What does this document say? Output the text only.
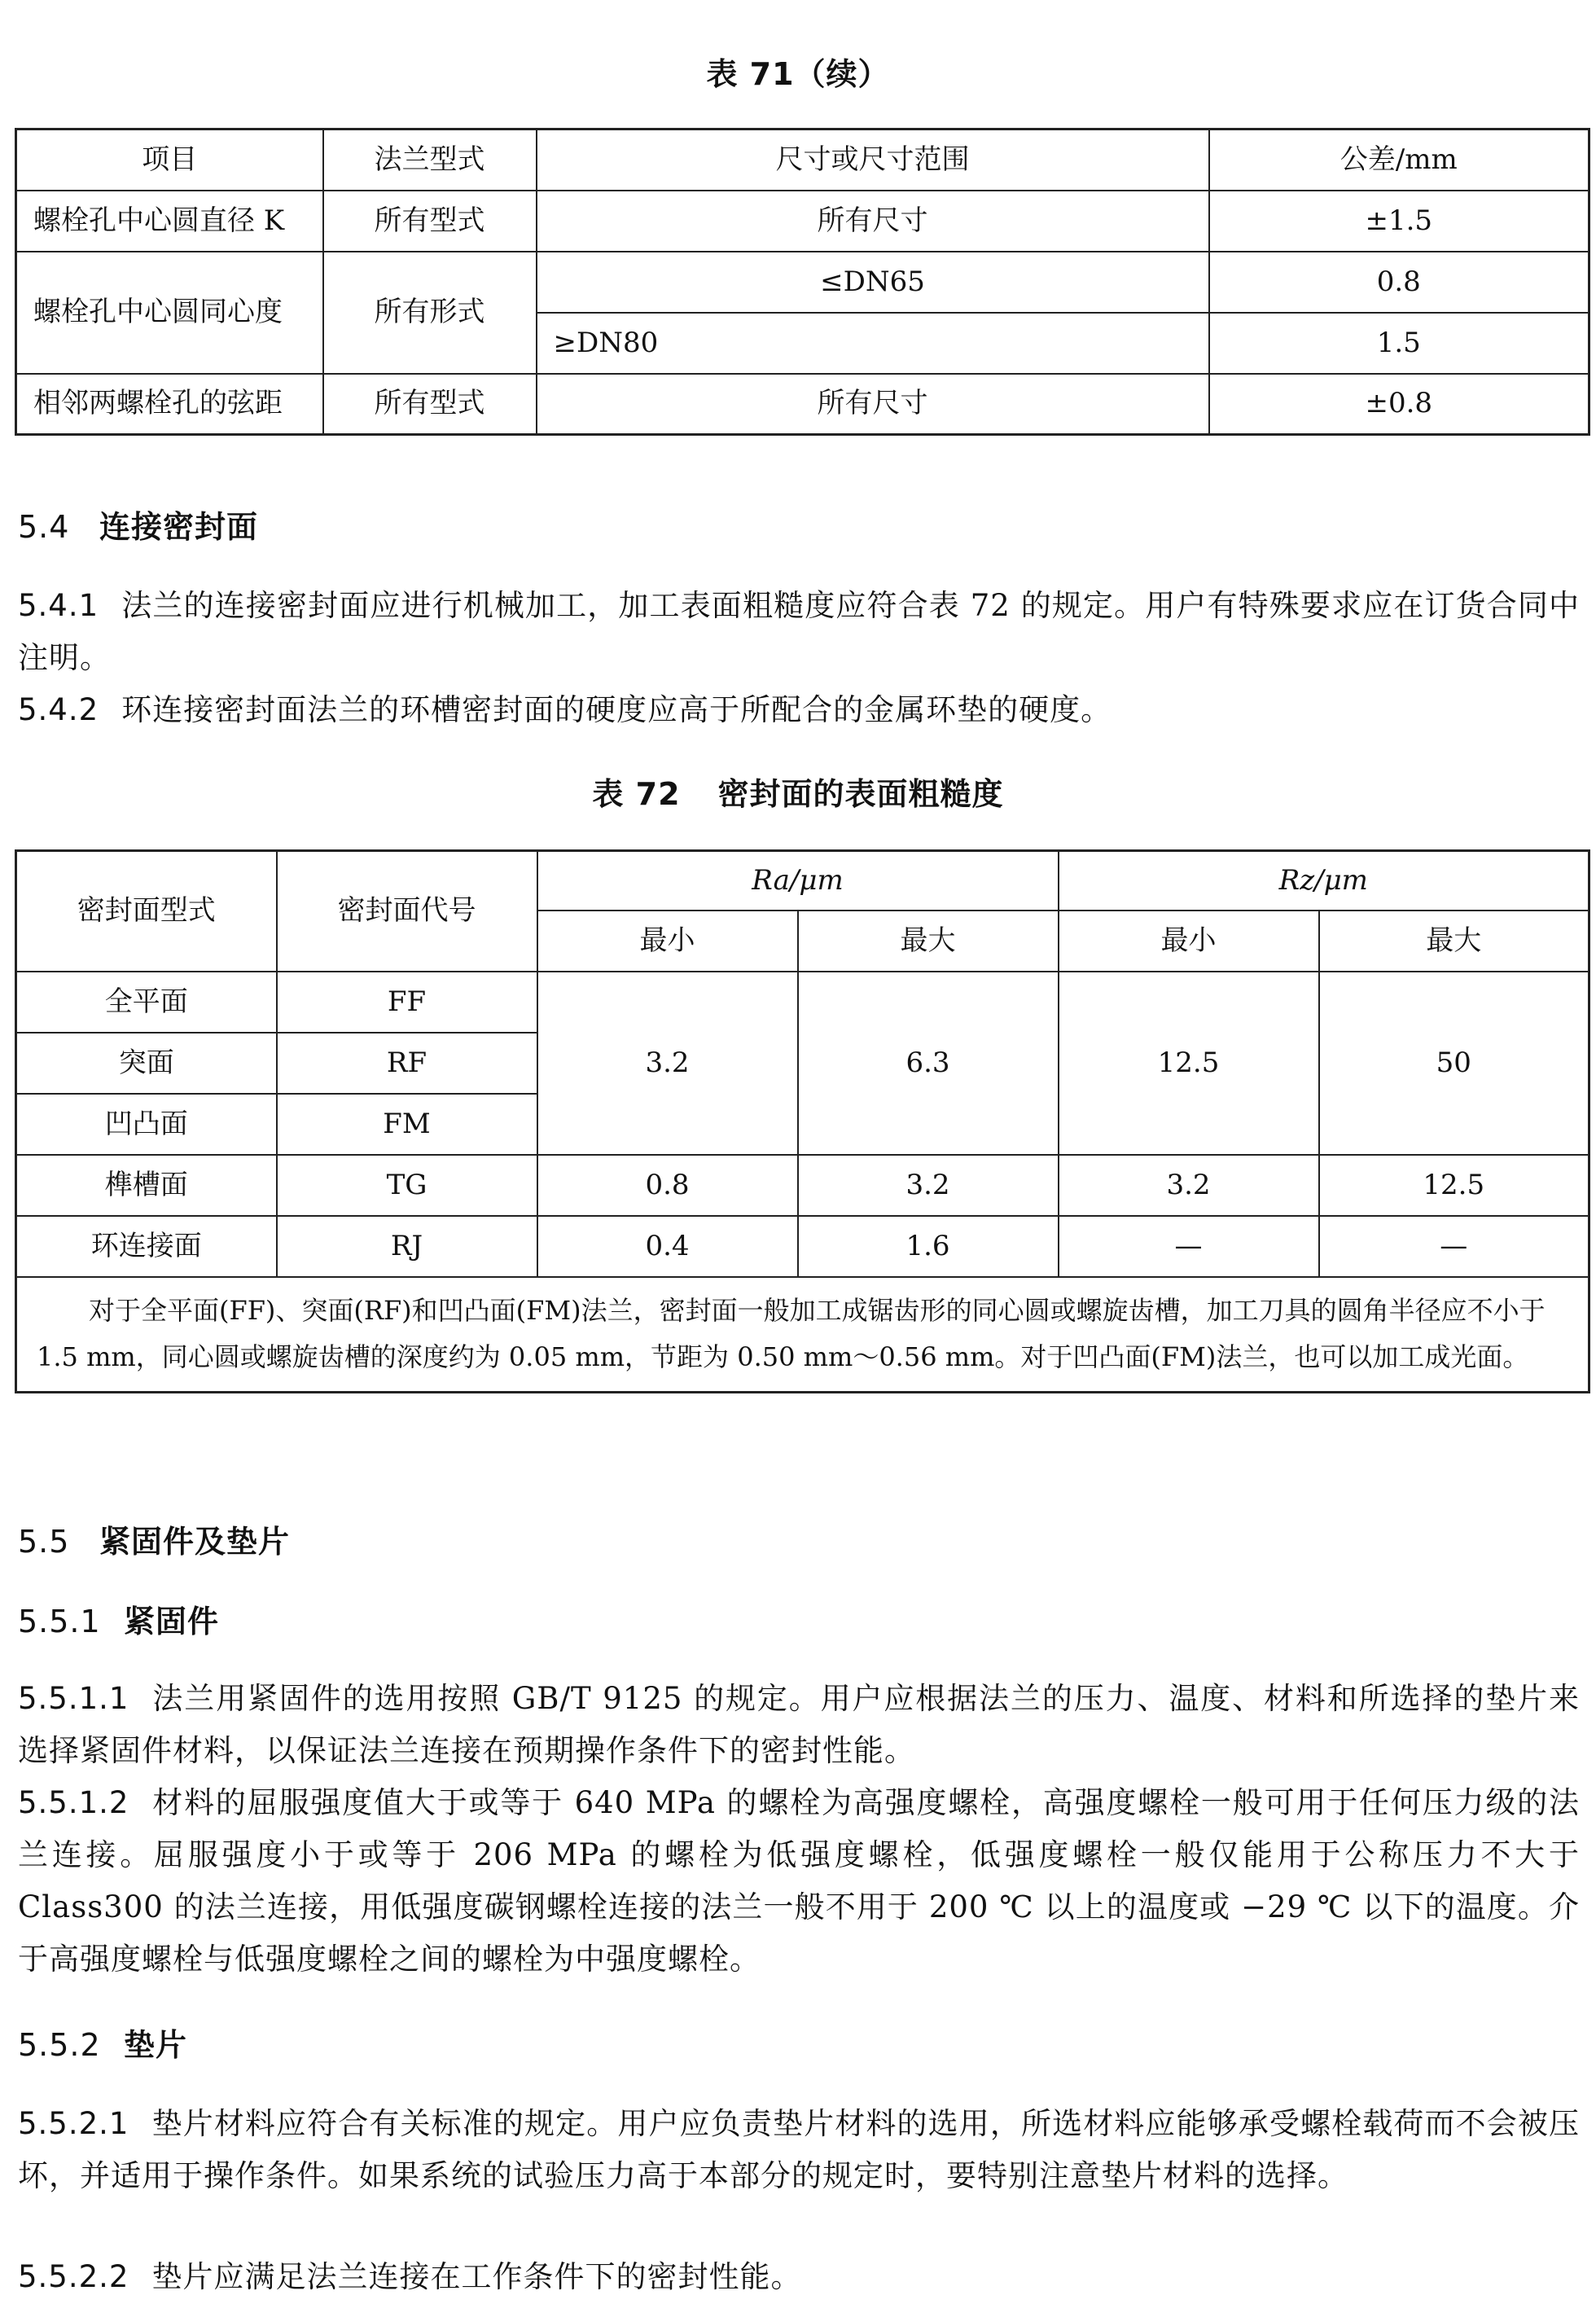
表 71（续）
项目	法兰型式	尺寸或尺寸范围	公差/mm
螺栓孔中心圆直径 K	所有型式	所有尺寸	±1.5
螺栓孔中心圆同心度	所有形式	≤DN65	0.8
		≥DN80	1.5
相邻两螺栓孔的弦距	所有型式	所有尺寸	±0.8
5.4 连接密封面
5.4.1 法兰的连接密封面应进行机械加工，加工表面粗糙度应符合表 72 的规定。用户有特殊要求应在订货合同中注明。
5.4.2 环连接密封面法兰的环槽密封面的硬度应高于所配合的金属环垫的硬度。
表 72 密封面的表面粗糙度
密封面型式	密封面代号	Ra/μm		Rz/μm	
		最小	最大	最小	最大
全平面	FF	3.2	6.3	12.5	50
突面	RF				
凹凸面	FM				
榫槽面	TG	0.8	3.2	3.2	12.5
环连接面	RJ	0.4	1.6	—	—
对于全平面(FF)、突面(RF)和凹凸面(FM)法兰，密封面一般加工成锯齿形的同心圆或螺旋齿槽，加工刀具的圆角半径应不小于 1.5 mm，同心圆或螺旋齿槽的深度约为 0.05 mm，节距为 0.50 mm～0.56 mm。对于凹凸面(FM)法兰，也可以加工成光面。					
5.5 紧固件及垫片
5.5.1 紧固件
5.5.1.1 法兰用紧固件的选用按照 GB/T 9125 的规定。用户应根据法兰的压力、温度、材料和所选择的垫片来选择紧固件材料，以保证法兰连接在预期操作条件下的密封性能。
5.5.1.2 材料的屈服强度值大于或等于 640 MPa 的螺栓为高强度螺栓，高强度螺栓一般可用于任何压力级的法兰连接。屈服强度小于或等于 206 MPa 的螺栓为低强度螺栓，低强度螺栓一般仅能用于公称压力不大于 Class300 的法兰连接，用低强度碳钢螺栓连接的法兰一般不用于 200 ℃ 以上的温度或 −29 ℃ 以下的温度。介于高强度螺栓与低强度螺栓之间的螺栓为中强度螺栓。
5.5.2 垫片
5.5.2.1 垫片材料应符合有关标准的规定。用户应负责垫片材料的选用，所选材料应能够承受螺栓载荷而不会被压坏，并适用于操作条件。如果系统的试验压力高于本部分的规定时，要特别注意垫片材料的选择。
5.5.2.2 垫片应满足法兰连接在工作条件下的密封性能。
